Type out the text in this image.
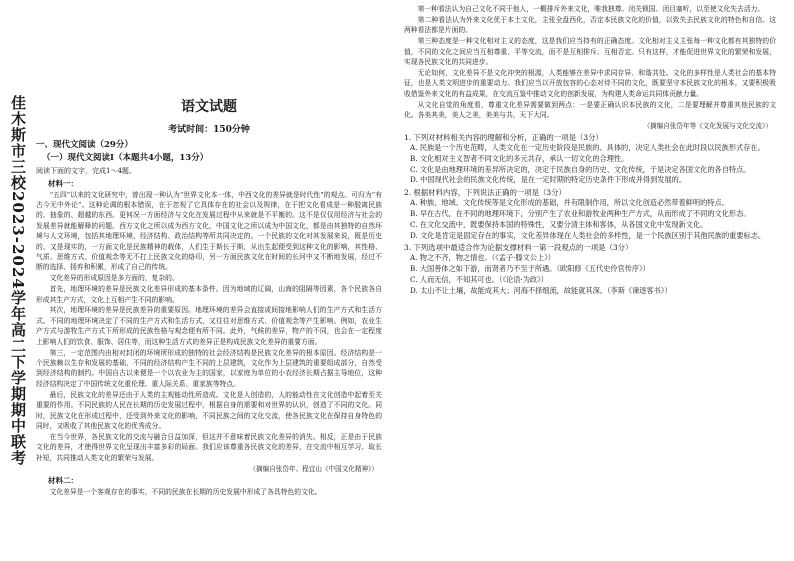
佳木斯市三校2023-2024学年高二下学期期中联考	语文试题
考试时间：150分钟
一、现代文阅读（29分）
（一）现代文阅读Ⅰ（本题共4小题，13分）

阅读下面的文字，完成1～4题。

材料一：

“五四”以来的文化研究中，曾出现一种认为“世界文化本一体，中西文化的差异就是时代性”的观点。可归为“有古今无中外论”。这种论调的根本错误，在于忽视了它具体存在的社会以及规律，在于把文化看成是一种脱离民族的、抽象的、超越的东西。更何况一方面经济与文化在发展过程中从来就是不平衡的。这不是仅仅用经济与社会的发展差异就能解释的问题。西方文化之所以成为西方文化，中国文化之所以成为中国文化，都是由其独特的自然环境与人文环境，包括其地理环境、经济结构、政治结构等所共同决定的。一个民族的文化对其发展来说，既是历史的、又是现实的，一方面文化是民族精神的载体，人们生于斯长于斯，从出生起便受到这种文化的影响，其性格、气质、思维方式、价值观念等无不打上民族文化的烙印，另一方面民族文化在时间的长河中又不断地发展，经过不断的选择、扬弃和积累，形成了自己的传统。

文化差异的形成原因是多方面的，复杂的。

首先，地理环境的差异是民族文化差异形成的基本条件。因为地域的辽阔，山海的阻隔等因素，各个民族各自形成其生产方式，文化上互相产生不同的影响。

其次，地理环境的差异是民族差异的重要原因。地理环境的差异会直接或间接地影响人们的生产方式和生活方式。不同的地理环境决定了不同的生产方式和生活方式，又往往对思维方式、价值观念等产生影响。例如，农业生产方式与游牧生产方式下所形成的民族性格与观念便有所不同。此外，气候的差异，物产的不同，也会在一定程度上影响人们的饮食、服饰、居住等，而这种生活方式的差异正是构成民族文化差异的重要方面。

第三，一定范围内由相对封闭的环境所形成的独特的社会经济结构是民族文化差异的根本原因。经济结构是一个民族赖以生存和发展的基础，不同的经济结构产生不同的上层建筑，文化作为上层建筑的重要组成部分，自然受到经济结构的制约。中国自古以来便是一个以农业为主的国家，以家庭为单位的小农经济长期占据主导地位，这种经济结构决定了中国传统文化重伦理、重人际关系、重家族等特点。

最后，民族文化的差异还由于人类的主观能动性所造成。文化是人创造的，人的能动性在文化创造中起着至关重要的作用。不同民族的人民在长期的历史发展过程中，根据自身的需要和对世界的认识，创造了不同的文化。同时，民族文化在形成过程中，还受到外来文化的影响，不同民族之间的文化交流，使各民族文化在保持自身特色的同时，又吸收了其他民族文化的优秀成分。

在当今世界，各民族文化的交流与融合日益加深，但这并不意味着民族文化差异的消失。相反，正是由于民族文化的差异，才使得世界文化呈现出丰富多彩的局面。我们应该尊重各民族文化的差异，在交流中相互学习、取长补短，共同推动人类文化的繁荣与发展。

（摘编自张岱年、程宜山《中国文化精神》）
材料二：

文化差异是一个客观存在的事实，不同的民族在长期的历史发展中形成了各具特色的文化。

第一种看法认为自己文化不同于他人，一概排斥外来文化，唯我独尊。闭关锁国、闭目塞听，以至使文化失去活力。

第二种看法认为外来文化优于本土文化，主张全盘西化，否定本民族文化的价值，以致失去民族文化的特色和自信。这两种看法都是片面的。

第三种态度是一种文化相对主义的态度，这是我们应当持有的正确态度。文化相对主义主张每一种文化都有其独特的价值，不同的文化之间应当互相尊重、平等交流，而不是互相排斥、互相否定。只有这样，才能促进世界文化的繁荣和发展，实现各民族文化的共同进步。

无论如何，文化差异不是文化冲突的根源，人类能够在差异中求同存异、和谐共处。文化的多样性是人类社会的基本特征，也是人类文明进步的重要动力。我们应当以开放包容的心态对待不同的文化，既要坚守本民族文化的根本，又要积极吸收借鉴外来文化的有益成果，在交流互鉴中推动文化的创新发展，为构建人类命运共同体贡献力量。

从文化自觉的角度看，尊重文化差异需要做到两点：一是要正确认识本民族的文化，二是要理解并尊重其他民族的文化。各美其美，美人之美，美美与共，天下大同。

（摘编自张岱年等《文化发展与文化交流》）

1. 下列对材料相关内容的理解和分析，正确的一项是（3分）

A. 民族是一个历史范畴，人类文化在一定历史阶段是民族的、具体的，决定人类社会在此时段以民族形式存在。

B. 文化相对主义智者不同文化的多元共存，承认一切文化的合理性。

C. 文化是由地理环境的差异所决定的，决定于民族自身的历史、文化传统，于是决定各国文化的各自特点。

D. 中国现代社会的民族文化传统，是在一定时期的特定历史条件下形成并得到发展的。

2. 根据材料内容，下列说法正确的一项是（3分）

A. 种族、地域、文化传统等是文化形成的基础，并有限制作用，所以文化创造必然带着鲜明的特点。

B. 早在古代，在不同的地理环境下，分别产生了农业和游牧业两种生产方式，从而形成了不同的文化形态。

C. 在文化交流中，既要保持本国的特殊性，又要分清主体和客体，从各国文化中发现新文化。

D. 文化是肯定是固定存在的事实，文化差异体现在人类社会的多样性，是一个民族区别于其他民族的重要标志。

3. 下列选项中最适合作为论据支撑材料一第一段观点的一项是（3分）

A. 物之不齐，物之情也。（《孟子·滕文公上》）

B. 大国善体之如下游，而贤者乃不至于所遇。（欧阳修《五代史伶官传序》）

C. 人而无信，不知其可也。（《论语·为政》）

D. 太山不让土壤，故能成其大；河海不择细流，故能就其深。（李斯《谏逐客书》）
